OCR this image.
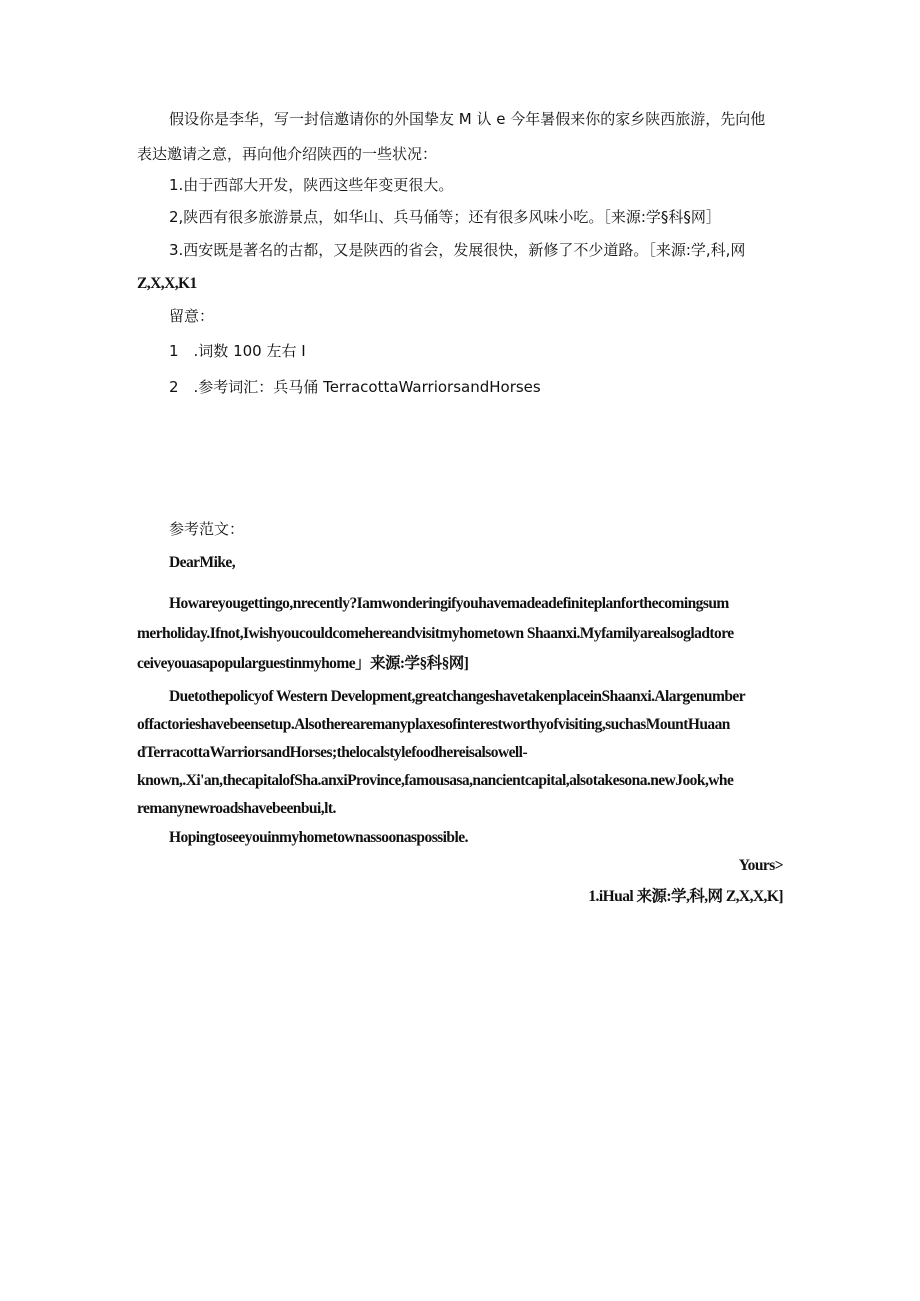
假设你是李华，写一封信邀请你的外国挚友 M 认 e 今年暑假来你的家乡陕西旅游，先向他

表达邀请之意，再向他介绍陕西的一些状况：

1.由于西部大开发，陕西这些年变更很大。

2,陕西有很多旅游景点，如华山、兵马俑等；还有很多风味小吃。［来源:学§科§网］

3.西安既是著名的古都，又是陕西的省会，发展很快，新修了不少道路。［来源:学,科,网

Z,X,X,K1

留意：

1　.词数 100 左右 I

2　.参考词汇：兵马俑 TerracottaWarriorsandHorses

参考范文：

DearMike,

Howareyougettingo,nrecently?Iamwonderingifyouhavemadeadefiniteplanforthecomingsum

merholiday.Ifnot,Iwishyoucouldcomehereandvisitmyhometown Shaanxi.Myfamilyarealsogladtore

ceiveyouasapopularguestinmyhome」来源:学§科§网]

Duetothepolicyof Western Development,greatchangeshavetakenplaceinShaanxi.Alargenumber

offactorieshavebeensetup.Alsotherearemanyplaxesofinterestworthyofvisiting,suchasMountHuaan

dTerracottaWarriorsandHorses;thelocalstylefoodhereisalsowell-

known,.Xi'an,thecapitalofSha.anxiProvince,famousasa,nancientcapital,alsotakesona.newJook,whe

remanynewroadshavebeenbui,lt.

Hopingtoseeyouinmyhometownassoonaspossible.

Yours>

1.iHual 来源:学,科,网 Z,X,X,K]
